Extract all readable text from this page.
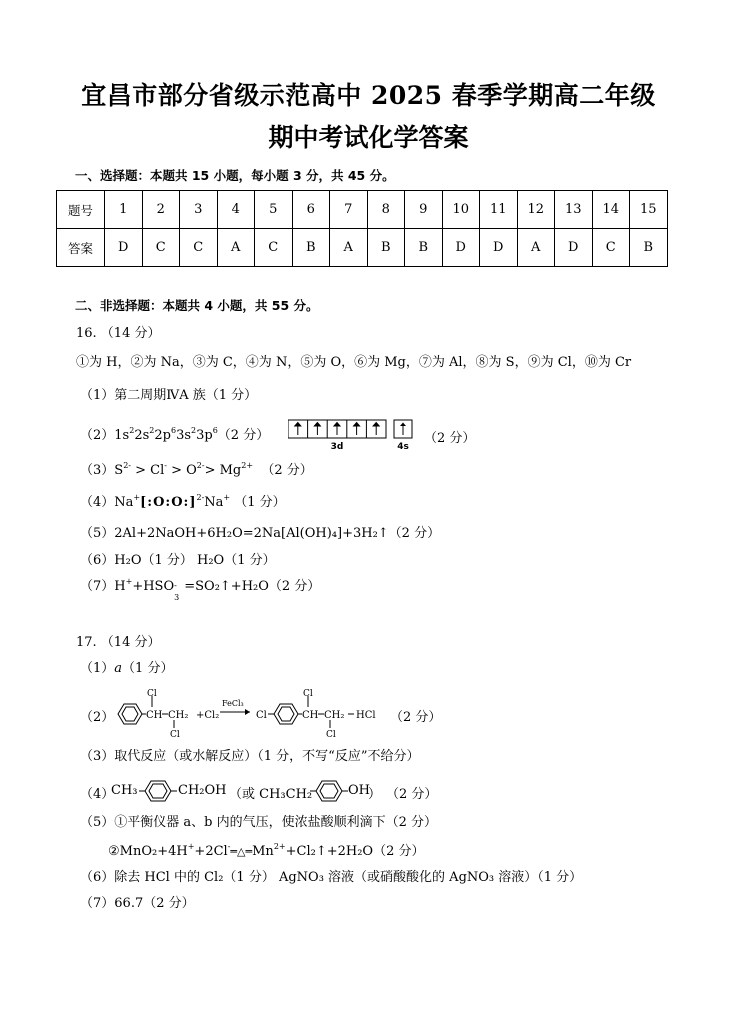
宜昌市部分省级示范高中 2025 春季学期高二年级
期中考试化学答案
一、选择题：本题共 15 小题，每小题 3 分，共 45 分。
题号	1	2	3	4	5	6	7	8	9	10	11	12	13	14	15
答案	D	C	C	A	C	B	A	B	B	D	D	A	D	C	B
二、非选择题：本题共 4 小题，共 55 分。
16. （14 分）
①为 H，②为 Na，③为 C，④为 N，⑤为 O，⑥为 Mg，⑦为 Al，⑧为 S，⑨为 Cl，⑩为 Cr
（1）第二周期ⅣA 族（1 分）
$(2)1s^22s^22p^63s^23p^6(2$ 分）
3d	4s
（2 分）
$(3)S^{2-} > Cl^- > O^{2-}> Mg^{2+}$ （2 分）
（4）Na+[:O:O:]$^{2-}$Na+ （1 分）
（5）2Al+2NaOH+6H₂O=2Na[Al(OH)₄]+3H₂↑（2 分）
（6）H₂O（1 分） H₂O（1 分）
（7）H++HSO
3
- =SO₂↑+H₂O（2 分）
17. （14 分）
（1）a（1 分）
（2）	CH
Cl
CH₂
Cl
+Cl₂
FeCl₃
Cl	CH
Cl
CH₂
Cl
HCl （2 分）
（3）取代反应（或水解反应）（1 分，不写“反应”不给分）
（4）
CH₃	CH₂OH （或 CH₃CH₂	OH
） （2 分）
（5）①平衡仪器 a、b 内的气压，使浓盐酸顺利滴下（2 分）
$②MnO_2+4H^++2Cl^-═\triangle═Mn^{2+}+Cl_2↑+2H_2O(2$ 分）
（6）除去 HCl 中的 Cl₂（1 分） AgNO₃ 溶液（或硝酸酸化的 AgNO₃ 溶液）（1 分）
（7）66.7（2 分）
